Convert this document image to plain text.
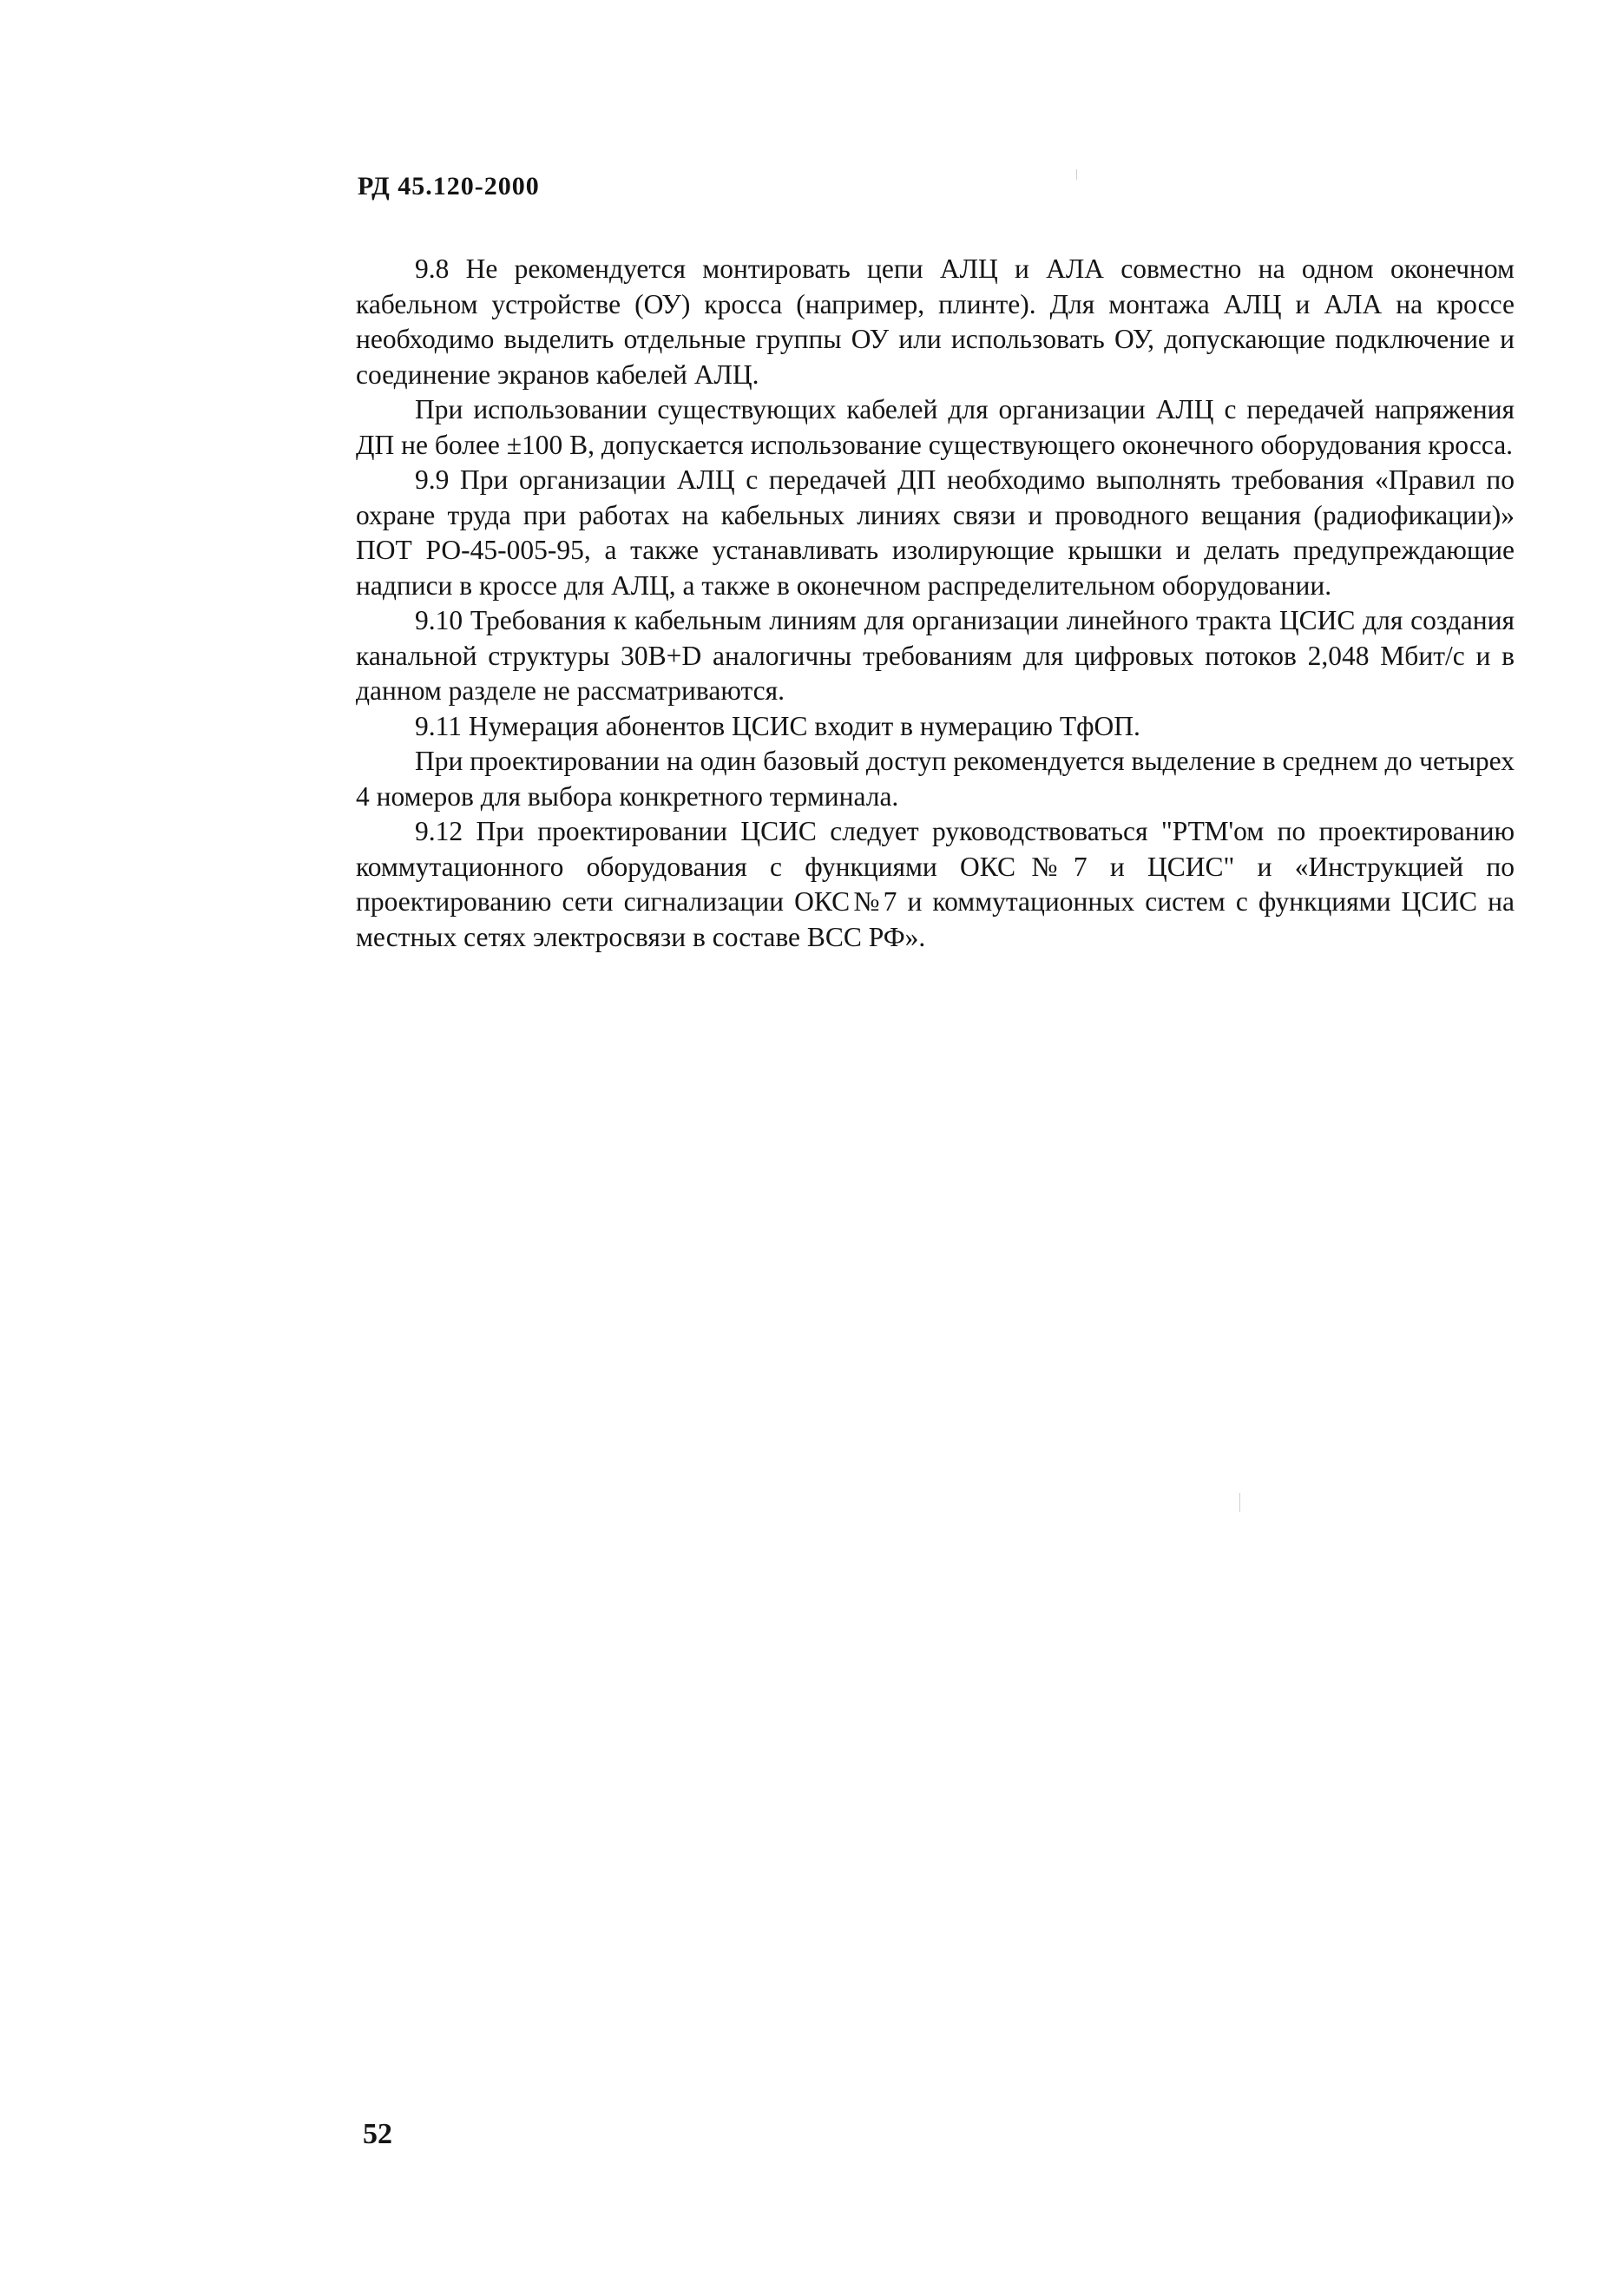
РД 45.120-2000

9.8 Не рекомендуется монтировать цепи АЛЦ и АЛА совместно на одном оконечном кабельном устройстве (ОУ) кросса (например, плинте). Для монтажа АЛЦ и АЛА на кроссе необходимо выделить отдельные группы ОУ или использовать ОУ, допускающие подключение и соединение экранов кабелей АЛЦ.

При использовании существующих кабелей для организации АЛЦ с передачей напряжения ДП не более ±100 В, допускается использование существующего оконечного оборудования кросса.

9.9 При организации АЛЦ с передачей ДП необходимо выполнять требования «Правил по охране труда при работах на кабельных линиях связи и проводного вещания (радиофикации)» ПОТ РО-45-005-95, а также устанавливать изолирующие крышки и делать предупреждающие надписи в кроссе для АЛЦ, а также в оконечном распределительном оборудовании.

9.10 Требования к кабельным линиям для организации линейного тракта ЦСИС для создания канальной структуры 30В+D аналогичны требованиям для цифровых потоков 2,048 Мбит/с и в данном разделе не рассматриваются.

9.11 Нумерация абонентов ЦСИС входит в нумерацию ТфОП.

При проектировании на один базовый доступ рекомендуется выделение в среднем до четырех 4 номеров для выбора конкретного терминала.

9.12 При проектировании ЦСИС следует руководствоваться "РТМ'ом по проектированию коммутационного оборудования с функциями ОКС№7 и ЦСИС" и «Инструкцией по проектированию сети сигнализации ОКС№7 и коммутационных систем с функциями ЦСИС на местных сетях электросвязи в составе ВСС РФ».

52
